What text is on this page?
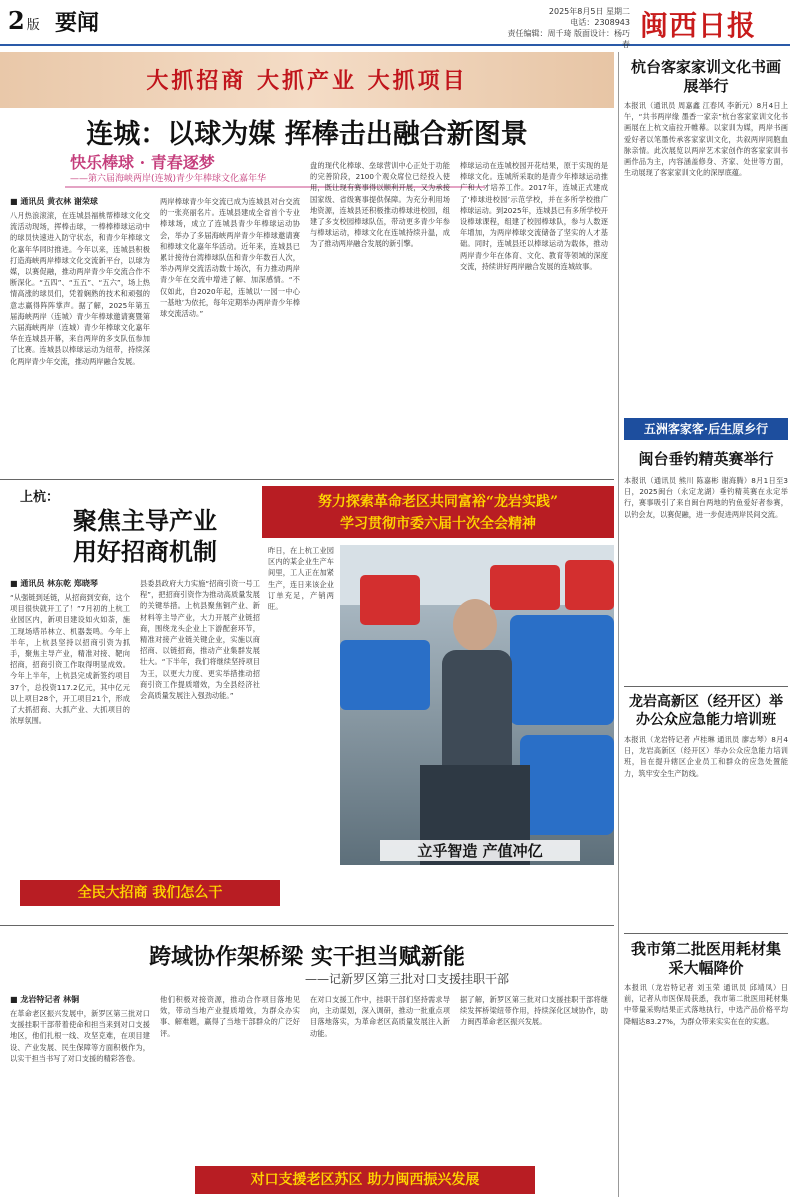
2 版 要闻	2025年8月5日 星期二
电话：2308943
责任编辑：周千琦 版面设计：杨巧春
闽西日报
大抓招商 大抓产业 大抓项目
连城：以球为媒 挥棒击出融合新图景
快乐棒球 · 青春逐梦
——第六届海峡两岸(连城)青少年棒球文化嘉年华
■ 通讯员 黄衣林 谢荣球
八月热浪滚滚，在连城县福桃帮棒球文化交流活动现场，挥棒击球，一棒棒棒球运动中的球员快速进入防守状态，和青少年棒球文化嘉年华同时推进。今年以来，连城县积极打造海峡两岸棒球文化交流新平台，以球为媒，以赛促融，推动两岸青少年交流合作不断深化。“五四”、“五五”、“五六”，场上热情高涨的球员们，凭着娴熟的技术和顽强的意志赢得阵阵掌声。据了解，2025年第五届海峡两岸（连城）青少年棒球邀请赛暨第六届海峡两岸（连城）青少年棒球文化嘉年华在连城县开幕，来自两岸的多支队伍参加了比赛。连城县以棒球运动为纽带，持续深化两岸青少年交流，推动两岸融合发展。
两岸棒球青少年交流已成为连城县对台交流的一张亮丽名片。连城县建成全省首个专业棒球场，成立了连城县青少年棒球运动协会，举办了多届海峡两岸青少年棒球邀请赛和棒球文化嘉年华活动。近年来，连城县已累计接待台湾棒球队伍和青少年数百人次，举办两岸交流活动数十场次，有力推动两岸青少年在交流中增进了解、加深感情。“不仅如此，自2020年起，连城以‘一园一中心一基地’为依托，每年定期举办两岸青少年棒球交流活动。”
盘的现代化棒球、垒球营训中心正处于功能的完善阶段，2100个观众席位已经投入使用，既让现有赛事得以顺利开展，又为承接国家级、省级赛事提供保障。为充分利用场地资源，连城县还积极推动棒球进校园，组建了多支校园棒球队伍，带动更多青少年参与棒球运动，棒球文化在连城持续升温，成为了推动两岸融合发展的新引擎。
棒球运动在连城校园开花结果，原于实现的是棒球文化。连城所采取的是青少年棒球运动推广和人才培养工作。2017年，连城正式建成了‘棒球进校园’示范学校，并在多所学校推广棒球运动。到2025年，连城县已有多所学校开设棒球课程，组建了校园棒球队，参与人数逐年增加，为两岸棒球交流储备了坚实的人才基础。同时，连城县还以棒球运动为载体，推动两岸青少年在体育、文化、教育等领域的深度交流，持续讲好两岸融合发展的连城故事。
上杭：
聚焦主导产业
用好招商机制
努力探索革命老区共同富裕“龙岩实践”
学习贯彻市委六届十次全会精神
■ 通讯员 林东乾 郑晓琴
“从强链到延链，从招商到安商，这个项目很快就开工了！”7月初的上杭工业园区内，新项目建设如火如荼，施工现场塔吊林立、机器轰鸣。今年上半年，上杭县坚持以招商引资为抓手，聚焦主导产业，精准对接、靶向招商，招商引资工作取得明显成效。今年上半年，上杭县完成新签约项目37个，总投资117.2亿元，其中亿元以上项目28个，开工项目21个，形成了大抓招商、大抓产业、大抓项目的浓厚氛围。
县委县政府大力实施“招商引资一号工程”，把招商引资作为推动高质量发展的关键举措。上杭县聚焦铜产业、新材料等主导产业，大力开展产业链招商，围绕龙头企业上下游配套环节，精准对接产业链关键企业，实施以商招商、以链招商，推动产业集群发展壮大。“下半年，我们将继续坚持项目为王，以更大力度、更实举措推动招商引资工作提质增效，为全县经济社会高质量发展注入强劲动能。”
昨日，在上杭工业园区内的某企业生产车间里，工人正在加紧生产，连日来该企业订单充足，产销两旺。
立乎智造 产值冲亿
全民大招商 我们怎么干
跨域协作架桥梁 实干担当赋新能
——记新罗区第三批对口支援挂职干部
■ 龙岩特记者 林铜
在革命老区振兴发展中，新罗区第三批对口支援挂职干部带着使命和担当来到对口支援地区，他们扎根一线、攻坚克难，在项目建设、产业发展、民生保障等方面积极作为，以实干担当书写了对口支援的精彩答卷。
他们积极对接资源，推动合作项目落地见效，带动当地产业提质增效，为群众办实事、解难题，赢得了当地干部群众的广泛好评。
在对口支援工作中，挂职干部们坚持需求导向，主动谋划，深入调研，推动一批重点项目落地落实，为革命老区高质量发展注入新动能。
据了解，新罗区第三批对口支援挂职干部将继续发挥桥梁纽带作用，持续深化区域协作，助力闽西革命老区振兴发展。
对口支援老区苏区 助力闽西振兴发展
杭台客家家训文化书画展举行
本报讯（通讯员 周嘉鑫 江春风 李新元）8月4日上午，“共书两岸缘 墨香一家亲”杭台客家家训文化书画展在上杭文庙拉开帷幕。以家训为媒，两岸书画爱好者以笔墨传承客家家训文化，共叙两岸同胞血脉亲情。此次展览以两岸艺术家创作的客家家训书画作品为主，内容涵盖修身、齐家、处世等方面，生动展现了客家家训文化的深厚底蕴。
五洲客家客·后生原乡行
闽台垂钓精英赛举行
本报讯（通讯员 熊川 陈嘉彬 谢海腾）8月1日至3日，2025闽台（永定龙湖）垂钓精英赛在永定举行，赛事吸引了来自闽台两地的钓鱼爱好者参赛，以钓会友，以赛促融，进一步促进两岸民间交流。
龙岩高新区（经开区）举办公众应急能力培训班
本报讯（龙岩特记者 卢桂琳 通讯员 廖志琴）8月4日，龙岩高新区（经开区）举办公众应急能力培训班，旨在提升辖区企业员工和群众的应急处置能力，筑牢安全生产防线。
我市第二批医用耗材集采大幅降价
本报讯（龙岩特记者 刘玉荣 通讯员 邱靖凤）日前，记者从市医保局获悉，我市第二批医用耗材集中带量采购结果正式落地执行，中选产品价格平均降幅达83.27%，为群众带来实实在在的实惠。
